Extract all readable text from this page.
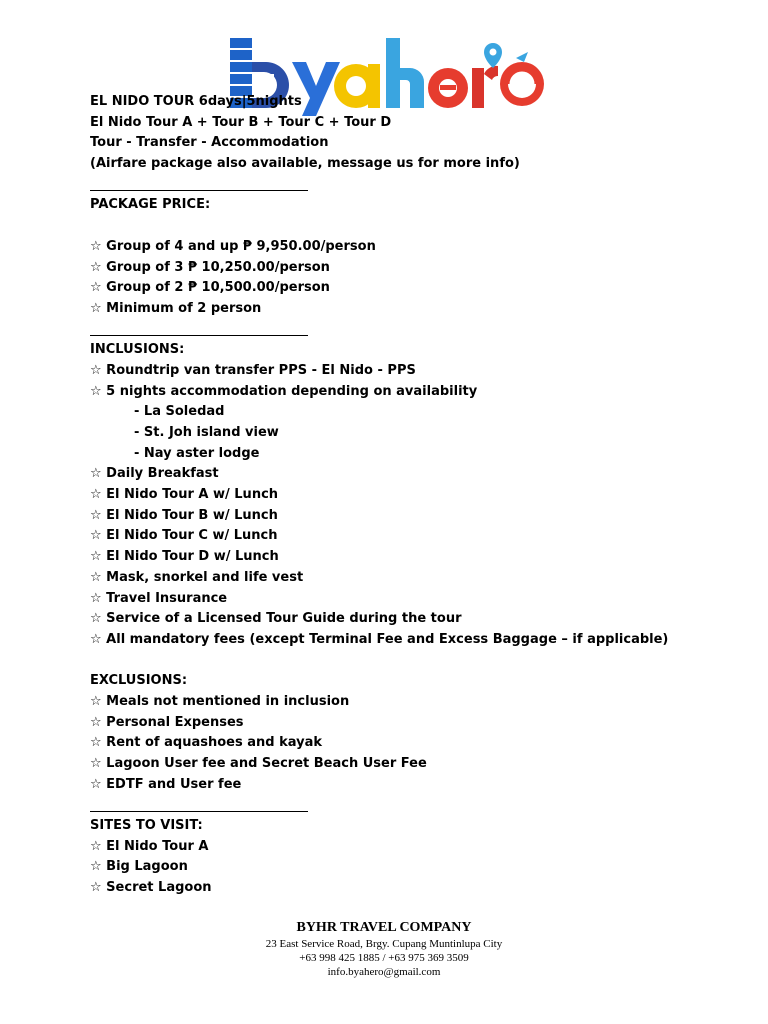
EL NIDO TOUR 6days|5nights
El Nido Tour A + Tour B + Tour C + Tour D
Tour - Transfer - Accommodation
(Airfare package also available, message us for more info)
PACKAGE PRICE:
☆ Group of 4 and up ₱ 9,950.00/person
☆ Group of 3 ₱ 10,250.00/person
☆ Group of 2 ₱ 10,500.00/person
☆ Minimum of 2 person
INCLUSIONS:
☆ Roundtrip van transfer PPS - El Nido - PPS
☆ 5 nights accommodation depending on availability
- La Soledad
- St. Joh island view
- Nay aster lodge
☆ Daily Breakfast
☆ El Nido Tour A w/ Lunch
☆ El Nido Tour B w/ Lunch
☆ El Nido Tour C w/ Lunch
☆ El Nido Tour D w/ Lunch
☆ Mask, snorkel and life vest
☆ Travel Insurance
☆ Service of a Licensed Tour Guide during the tour
☆ All mandatory fees (except Terminal Fee and Excess Baggage – if applicable)
EXCLUSIONS:
☆ Meals not mentioned in inclusion
☆ Personal Expenses
☆ Rent of aquashoes and kayak
☆ Lagoon User fee and Secret Beach User Fee
☆ EDTF and User fee
SITES TO VISIT:
☆ El Nido Tour A
☆ Big Lagoon
☆ Secret Lagoon
BYHR TRAVEL COMPANY
23 East Service Road, Brgy. Cupang Muntinlupa City
+63 998 425 1885 / +63 975 369 3509
info.byahero@gmail.com
